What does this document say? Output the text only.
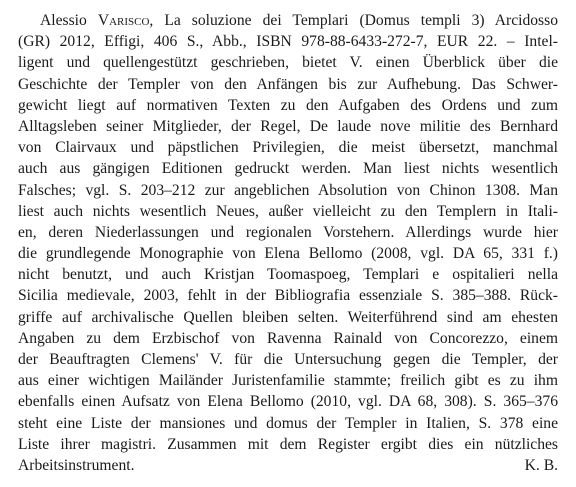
Alessio Varisco, La soluzione dei Templari (Domus templi 3) Arcidosso
(GR) 2012, Effigi, 406 S., Abb., ISBN 978-88-6433-272-7, EUR 22. – Intel-
ligent und quellengestützt geschrieben, bietet V. einen Überblick über die
Geschichte der Templer von den Anfängen bis zur Aufhebung. Das Schwer-
gewicht liegt auf normativen Texten zu den Aufgaben des Ordens und zum
Alltagsleben seiner Mitglieder, der Regel, De laude nove militie des Bernhard
von Clairvaux und päpstlichen Privilegien, die meist übersetzt, manchmal
auch aus gängigen Editionen gedruckt werden. Man liest nichts wesentlich
Falsches; vgl. S. 203–212 zur angeblichen Absolution von Chinon 1308. Man
liest auch nichts wesentlich Neues, außer vielleicht zu den Templern in Itali-
en, deren Niederlassungen und regionalen Vorstehern. Allerdings wurde hier
die grundlegende Monographie von Elena Bellomo (2008, vgl. DA 65, 331 f.)
nicht benutzt, und auch Kristjan Toomaspoeg, Templari e ospitalieri nella
Sicilia medievale, 2003, fehlt in der Bibliografia essenziale S. 385–388. Rück-
griffe auf archivalische Quellen bleiben selten. Weiterführend sind am ehesten
Angaben zu dem Erzbischof von Ravenna Rainald von Concorezzo, einem
der Beauftragten Clemens' V. für die Untersuchung gegen die Templer, der
aus einer wichtigen Mailänder Juristenfamilie stammte; freilich gibt es zu ihm
ebenfalls einen Aufsatz von Elena Bellomo (2010, vgl. DA 68, 308). S. 365–376
steht eine Liste der mansiones und domus der Templer in Italien, S. 378 eine
Liste ihrer magistri. Zusammen mit dem Register ergibt dies ein nützliches
Arbeitsinstrument.	K. B.
